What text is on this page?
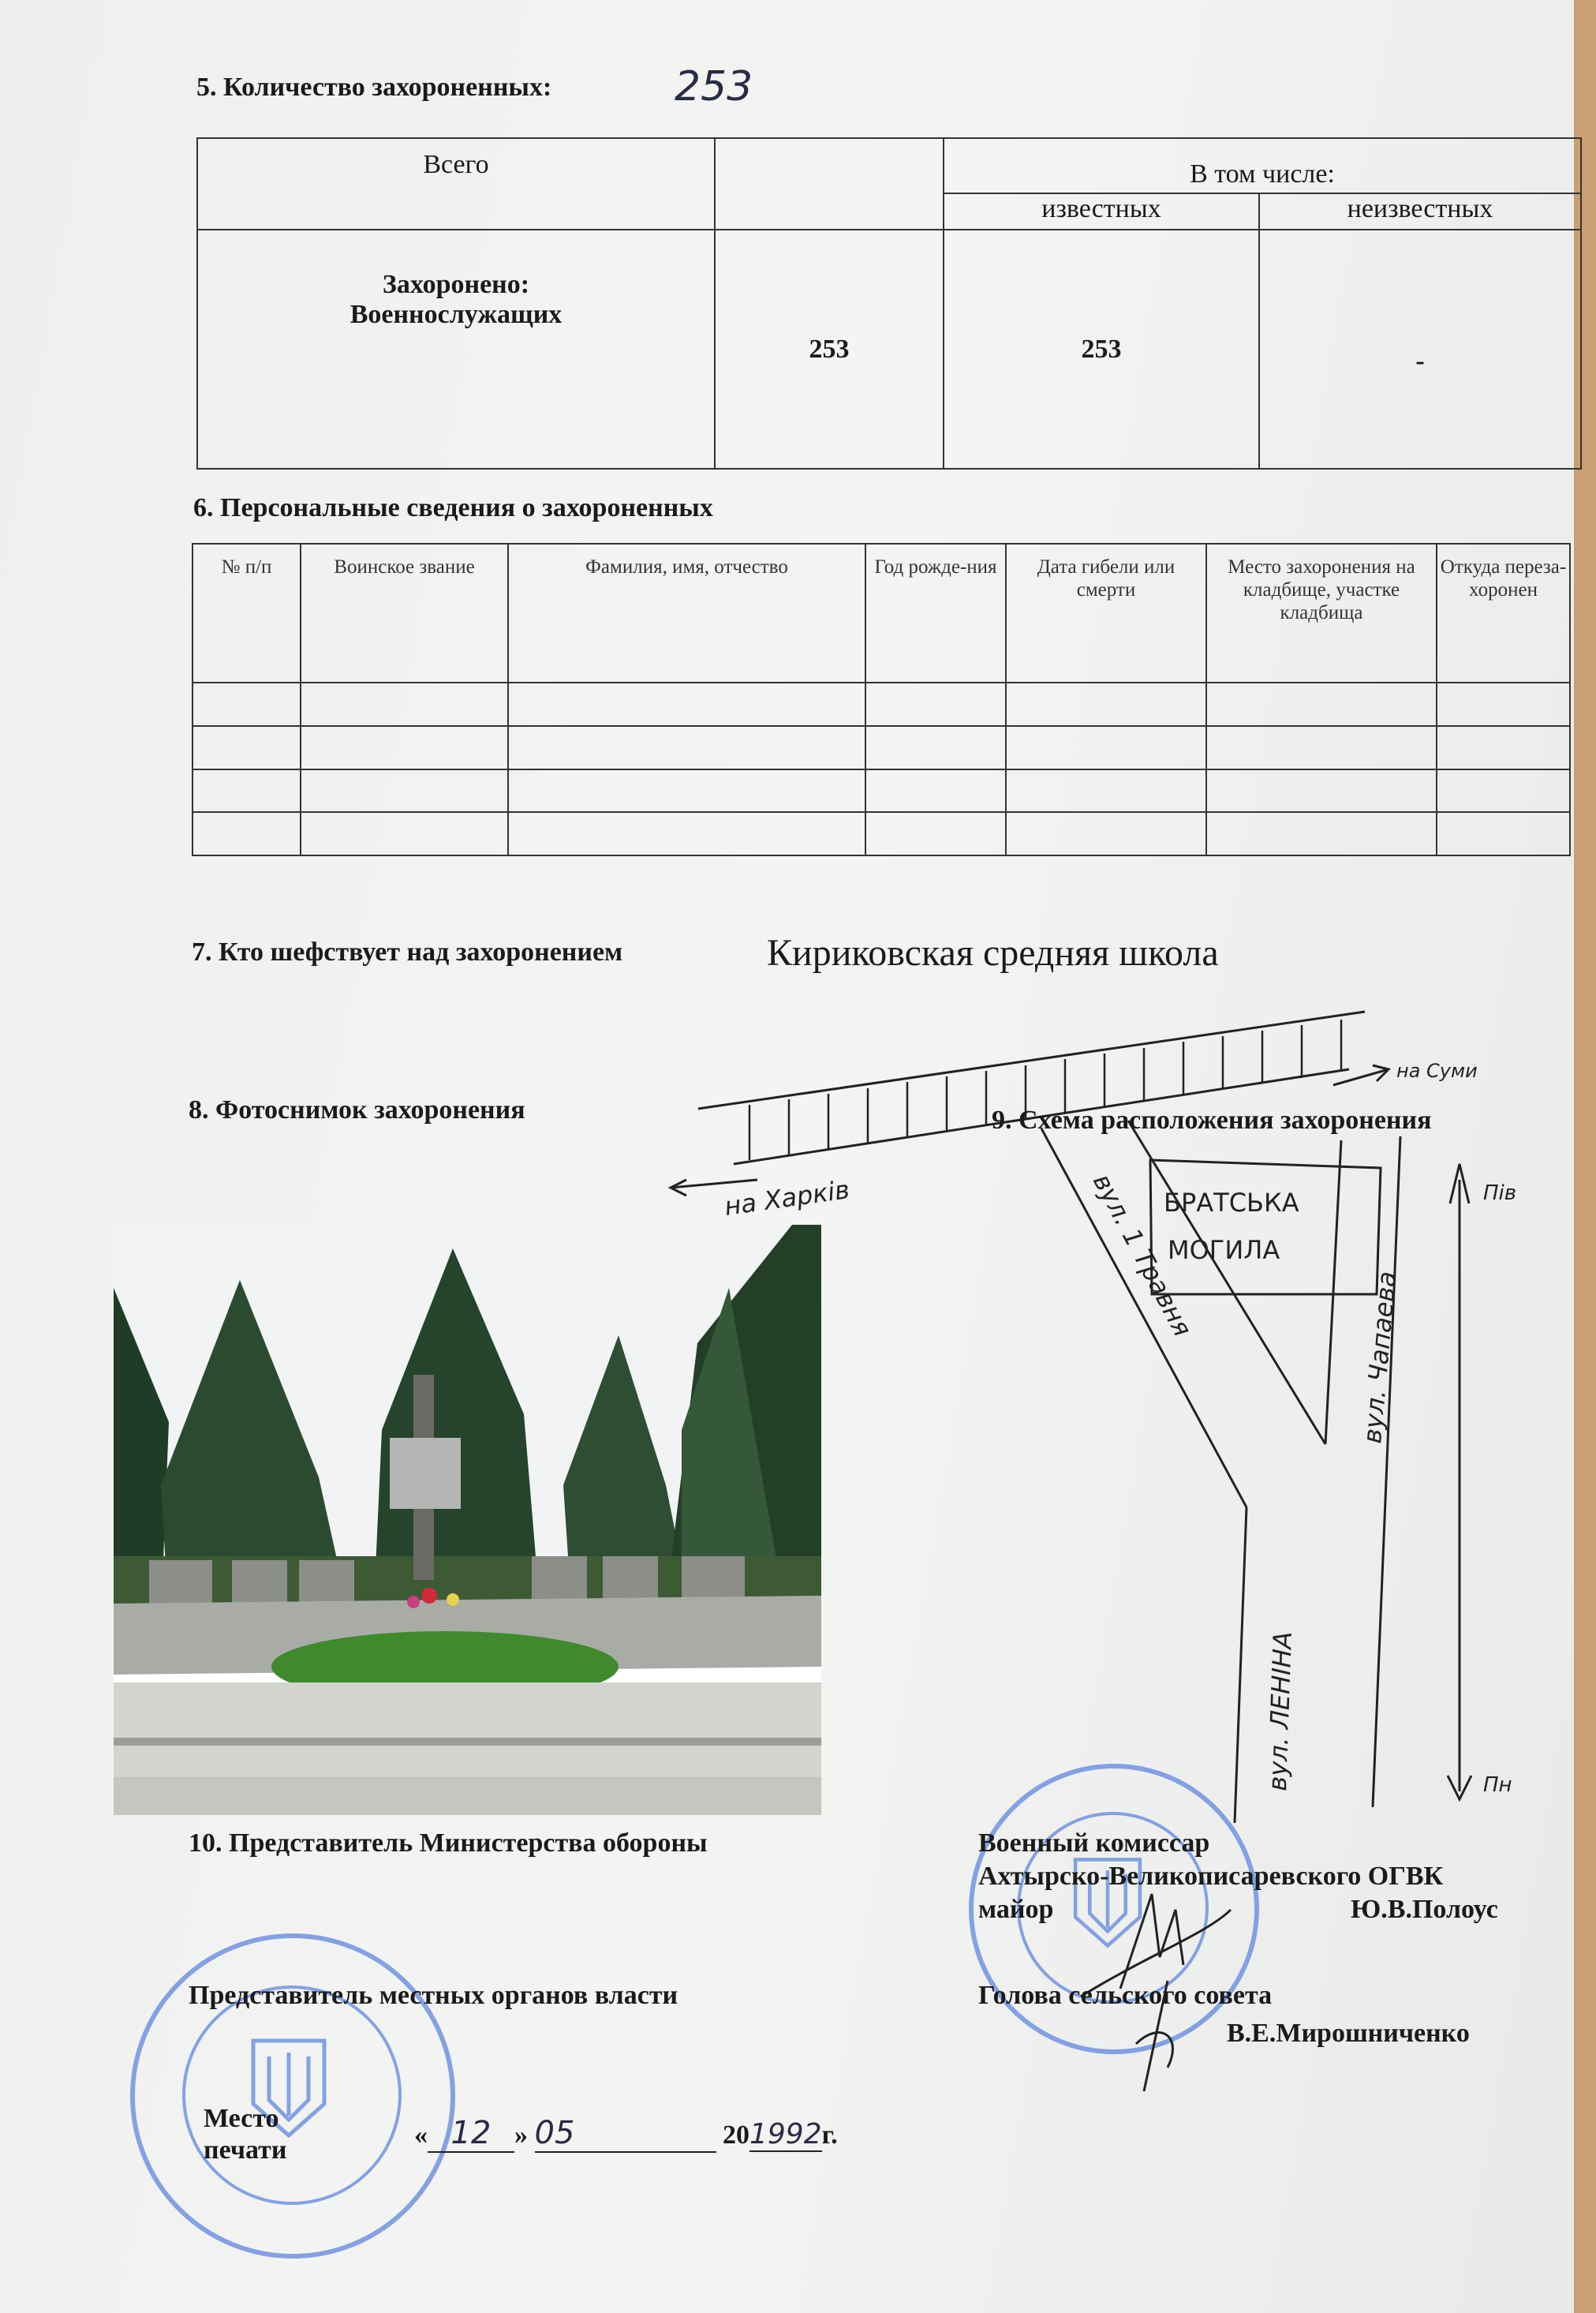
5. Количество захороненных:	253
Всего		В том числе:	
		известных	неизвестных

Захоронено:
Военнослужащих	253	253	-
6. Персональные сведения о захороненных
№ п/п	Воинское звание	Фамилия, имя, отчество	Год рожде-ния	Дата гибели или смерти	Место захоронения на кладбище, участке кладбища	Откуда переза-хоронен

7. Кто шефствует над захоронением	Кириковская средняя школа
8. Фотоснимок захоронения
на Харків
на Суми
вул. 1 Травня
БРАТСЬКА
МОГИЛА
вул. Чапаева
вул. ЛЕНІНА
Пів
Пн
9. Схема расположения захоронения
10. Представитель Министерства обороны	Военный комиссар
Ахтырско-Великописаревского ОГВК
майор	Ю.В.Полоус
Представитель местных органов власти	Голова сельского совета
В.Е.Мирошниченко
Место
печати
« 12 » 05	201992г.
